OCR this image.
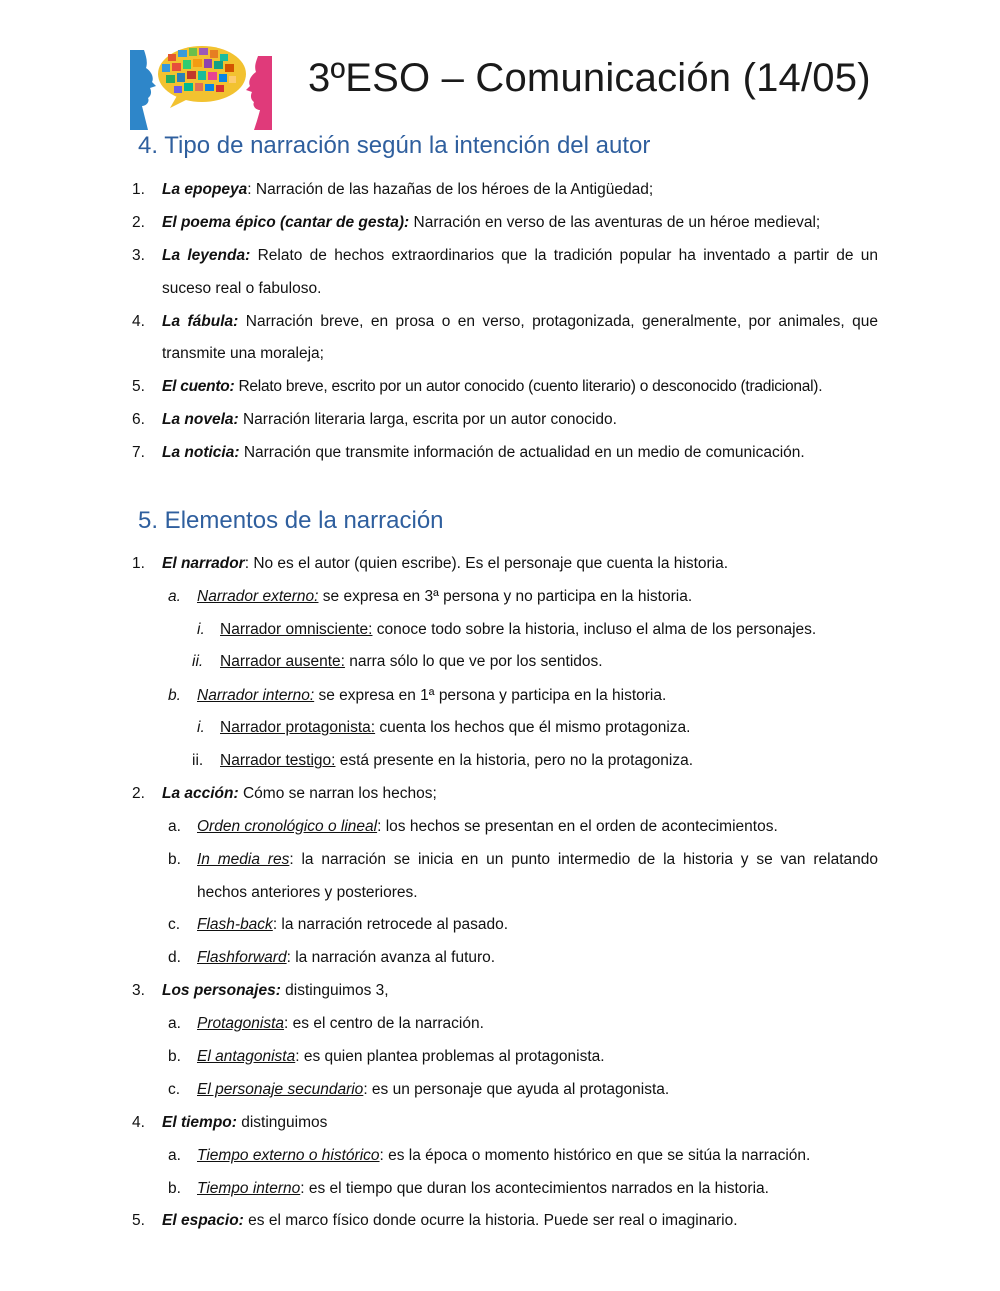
3ºESO – Comunicación (14/05)
4. Tipo de narración según la intención del autor
1. La epopeya: Narración de las hazañas de los héroes de la Antigüedad;
2. El poema épico (cantar de gesta): Narración en verso de las aventuras de un héroe medieval;
3. La leyenda: Relato de hechos extraordinarios que la tradición popular ha inventado a partir de un
suceso real o fabuloso.
4. La fábula: Narración breve, en prosa o en verso, protagonizada, generalmente, por animales, que
transmite una moraleja;
5. El cuento: Relato breve, escrito por un autor conocido (cuento literario) o desconocido (tradicional).
6. La novela: Narración literaria larga, escrita por un autor conocido.
7. La noticia: Narración que transmite información de actualidad en un medio de comunicación.
5. Elementos de la narración
1. El narrador: No es el autor (quien escribe). Es el personaje que cuenta la historia.
a. Narrador externo: se expresa en 3ª persona y no participa en la historia.
i. Narrador omnisciente: conoce todo sobre la historia, incluso el alma de los personajes.
ii. Narrador ausente: narra sólo lo que ve por los sentidos.
b. Narrador interno: se expresa en 1ª persona y participa en la historia.
i. Narrador protagonista: cuenta los hechos que él mismo protagoniza.
ii. Narrador testigo: está presente en la historia, pero no la protagoniza.
2. La acción: Cómo se narran los hechos;
a. Orden cronológico o lineal: los hechos se presentan en el orden de acontecimientos.
b. In media res: la narración se inicia en un punto intermedio de la historia y se van relatando
hechos anteriores y posteriores.
c. Flash-back: la narración retrocede al pasado.
d. Flashforward: la narración avanza al futuro.
3. Los personajes: distinguimos 3,
a. Protagonista: es el centro de la narración.
b. El antagonista: es quien plantea problemas al protagonista.
c. El personaje secundario: es un personaje que ayuda al protagonista.
4. El tiempo: distinguimos
a. Tiempo externo o histórico: es la época o momento histórico en que se sitúa la narración.
b. Tiempo interno: es el tiempo que duran los acontecimientos narrados en la historia.
5. El espacio: es el marco físico donde ocurre la historia. Puede ser real o imaginario.
